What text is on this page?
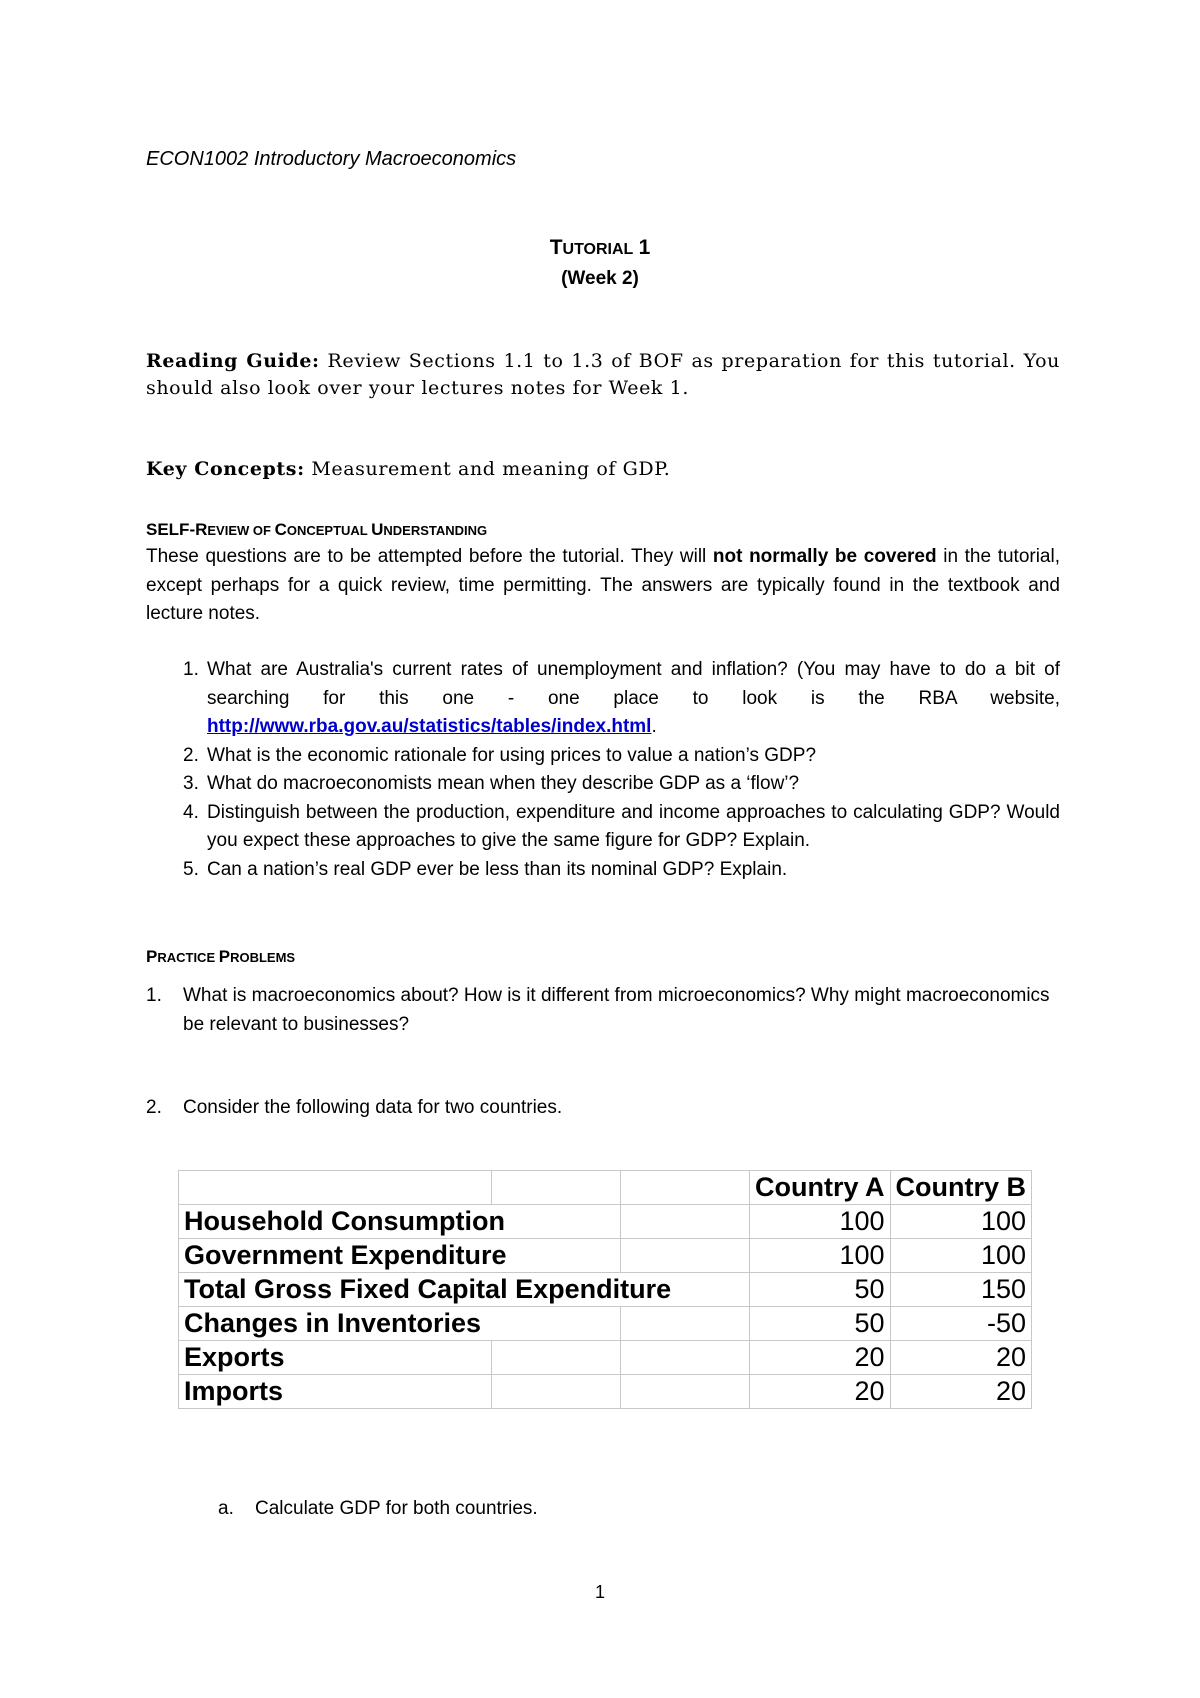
ECON1002 Introductory Macroeconomics
TUTORIAL 1
(Week 2)
Reading Guide: Review Sections 1.1 to 1.3 of BOF as preparation for this tutorial. You should also look over your lectures notes for Week 1.
Key Concepts: Measurement and meaning of GDP.
SELF-REVIEW OF CONCEPTUAL UNDERSTANDING
These questions are to be attempted before the tutorial. They will not normally be covered in the tutorial, except perhaps for a quick review, time permitting. The answers are typically found in the textbook and lecture notes.
1. What are Australia's current rates of unemployment and inflation? (You may have to do a bit of searching for this one - one place to look is the RBA website, http://www.rba.gov.au/statistics/tables/index.html.
2. What is the economic rationale for using prices to value a nation’s GDP?
3. What do macroeconomists mean when they describe GDP as a ‘flow’?
4. Distinguish between the production, expenditure and income approaches to calculating GDP? Would you expect these approaches to give the same figure for GDP? Explain.
5. Can a nation’s real GDP ever be less than its nominal GDP? Explain.
PRACTICE PROBLEMS
1. What is macroeconomics about? How is it different from microeconomics? Why might macroeconomics be relevant to businesses?
2. Consider the following data for two countries.
			Country A	Country B
Household Consumption			100	100
Government Expenditure			100	100
Total Gross Fixed Capital Expenditure			50	150
Changes in Inventories			50	-50
Exports			20	20
Imports			20	20
a. Calculate GDP for both countries.
1
